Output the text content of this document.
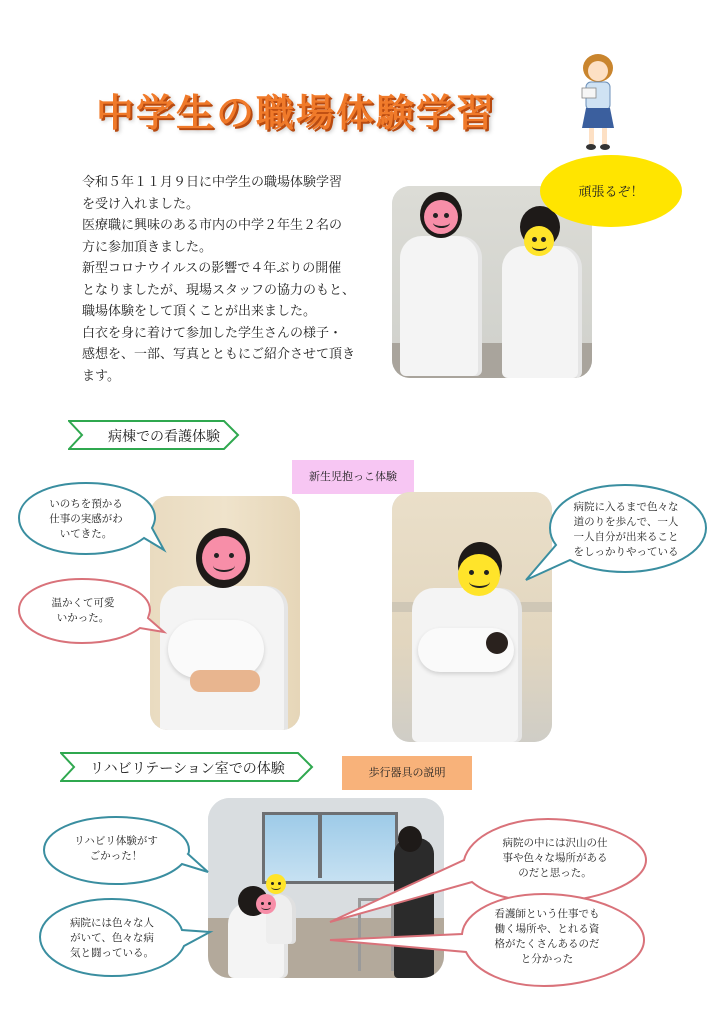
中学生の職場体験学習

令和５年１１月９日に中学生の職場体験学習

を受け入れました。

医療職に興味のある市内の中学２年生２名の

方に参加頂きました。

新型コロナウイルスの影響で４年ぶりの開催

となりましたが、現場スタッフの協力のもと、

職場体験をして頂くことが出来ました。

白衣を身に着けて参加した学生さんの様子・

感想を、一部、写真とともにご紹介させて頂き

ます。

頑張るぞ！
病棟での看護体験
新生児抱っこ体験
いのちを預かる
仕事の実感がわ
いてきた。
温かくて可愛
いかった。
病院に入るまで色々な
道のりを歩んで、一人
一人自分が出来ること
をしっかりやっている
リハビリテーション室での体験	歩行器具の説明
リハビリ体験がす
ごかった！
病院には色々な人
がいて、色々な病
気と闘っている。
病院の中には沢山の仕
事や色々な場所がある
のだと思った。
看護師という仕事でも
働く場所や、とれる資
格がたくさんあるのだ
と分かった
